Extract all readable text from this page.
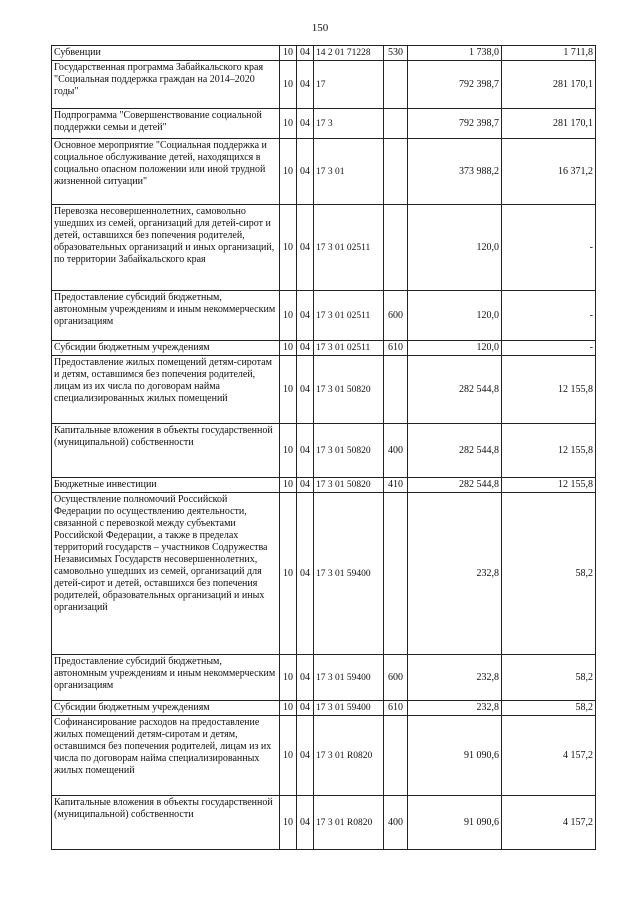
150
Субвенции	10	04	14 2 01 71228	530	1 738,0	1 711,8
Государственная программа Забайкальского края "Социальная поддержка граждан на 2014–2020 годы"	10	04	17		792 398,7	281 170,1
Подпрограмма "Совершенствование социальной поддержки семьи и детей"	10	04	17 3		792 398,7	281 170,1
Основное мероприятие "Социальная поддержка и социальное обслуживание детей, находящихся в социально опасном положении или иной трудной жизненной ситуации"	10	04	17 3 01		373 988,2	16 371,2
Перевозка несовершеннолетних, самовольно ушедших из семей, организаций для детей-сирот и детей, оставшихся без попечения родителей, образовательных организаций и иных организаций, по территории Забайкальского края	10	04	17 3 01 02511		120,0	-
Предоставление субсидий бюджетным, автономным учреждениям и иным некоммерческим организациям	10	04	17 3 01 02511	600	120,0	-
Субсидии бюджетным учреждениям	10	04	17 3 01 02511	610	120,0	-
Предоставление жилых помещений детям-сиротам и детям, оставшимся без попечения родителей, лицам из их числа по договорам найма специализированных жилых помещений	10	04	17 3 01 50820		282 544,8	12 155,8
Капитальные вложения в объекты государственной (муниципальной) собственности	10	04	17 3 01 50820	400	282 544,8	12 155,8
Бюджетные инвестиции	10	04	17 3 01 50820	410	282 544,8	12 155,8
Осуществление полномочий Российской Федерации по осуществлению деятельности, связанной с перевозкой между субъектами Российской Федерации, а также в пределах территорий государств – участников Содружества Независимых Государств несовершеннолетних, самовольно ушедших из семей, организаций для детей-сирот и детей, оставшихся без попечения родителей, образовательных организаций и иных организаций	10	04	17 3 01 59400		232,8	58,2
Предоставление субсидий бюджетным, автономным учреждениям и иным некоммерческим организациям	10	04	17 3 01 59400	600	232,8	58,2
Субсидии бюджетным учреждениям	10	04	17 3 01 59400	610	232,8	58,2
Софинансирование расходов на предоставление жилых помещений детям-сиротам и детям, оставшимся без попечения родителей, лицам из их числа по договорам найма специализированных жилых помещений	10	04	17 3 01 R0820		91 090,6	4 157,2
Капитальные вложения в объекты государственной (муниципальной) собственности	10	04	17 3 01 R0820	400	91 090,6	4 157,2
